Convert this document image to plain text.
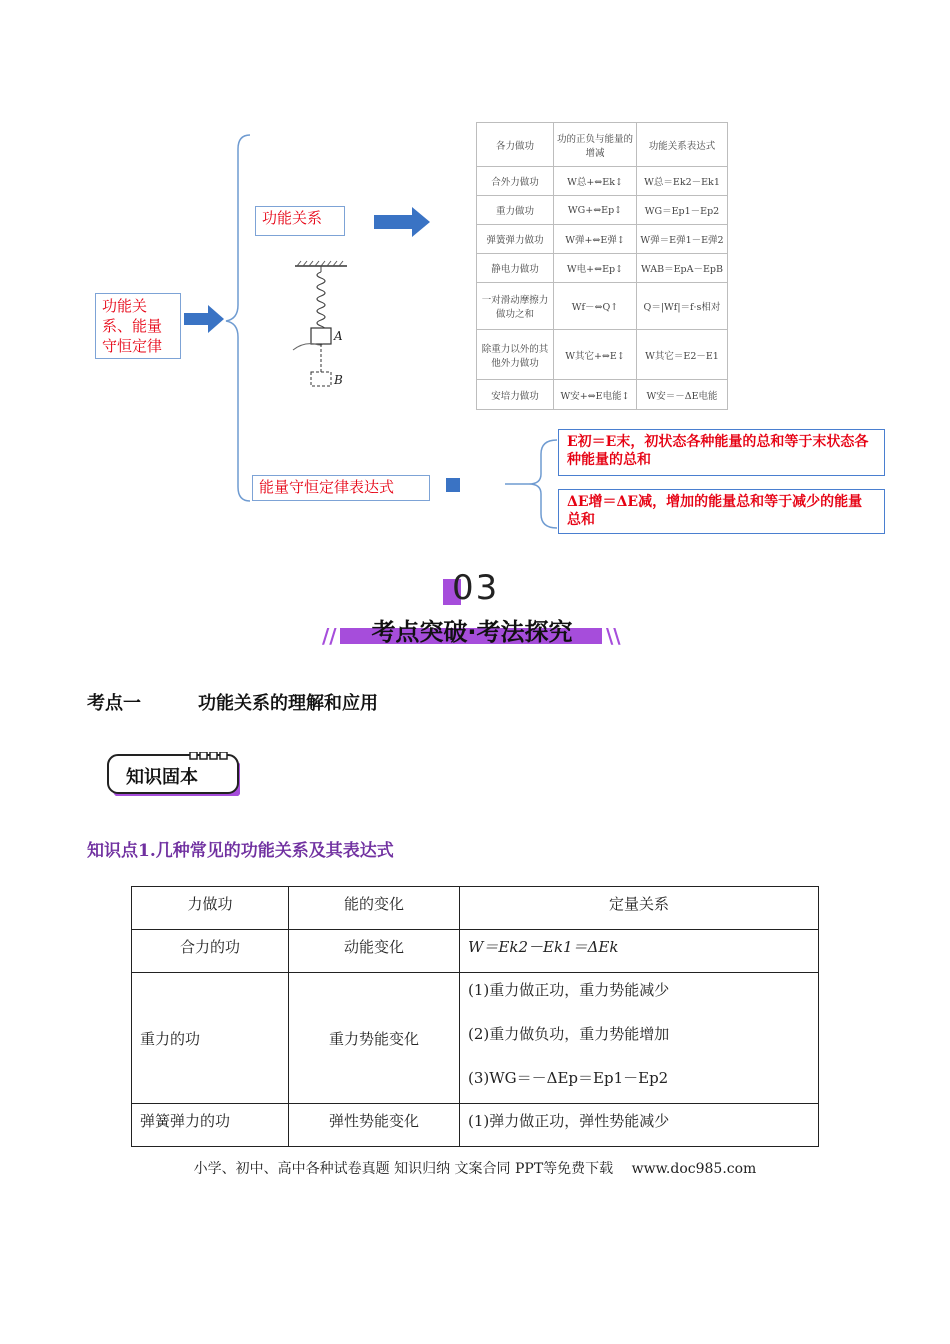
功能关系、能量守恒定律
功能关系
能量守恒定律表达式
A
B
各力做功	功的正负与能量的增减	功能关系表达式
合外力做功	W总+⇔Ek↕	W总＝Ek2－Ek1
重力做功	WG+⇔Ep↕	WG＝Ep1－Ep2
弹簧弹力做功	W弹+⇔E弹↕	W弹＝E弹1－E弹2
静电力做功	W电+⇔Ep↕	WAB＝EpA－EpB
一对滑动摩擦力做功之和	Wf－⇔Q↑	Q＝|Wf|＝f·s相对
除重力以外的其他外力做功	W其它+⇔E↕	W其它＝E2－E1
安培力做功	W安+⇔E电能↕	W安＝－ΔE电能
E初＝E末，初状态各种能量的总和等于末状态各种能量的总和
ΔE增＝ΔE减，增加的能量总和等于减少的能量总和
03
考点突破·考法探究
//	\\
考点一	功能关系的理解和应用
知识固本
知识点1.几种常见的功能关系及其表达式
力做功	能的变化	定量关系
合力的功	动能变化	W＝Ek2－Ek1＝ΔEk
重力的功	重力势能变化	(1)重力做正功，重力势能减少
(2)重力做负功，重力势能增加
(3)WG＝－ΔEp＝Ep1－Ep2

弹簧弹力的功	弹性势能变化	(1)弹力做正功，弹性势能减少
小学、初中、高中各种试卷真题 知识归纳 文案合同 PPT等免费下载　 www.doc985.com
